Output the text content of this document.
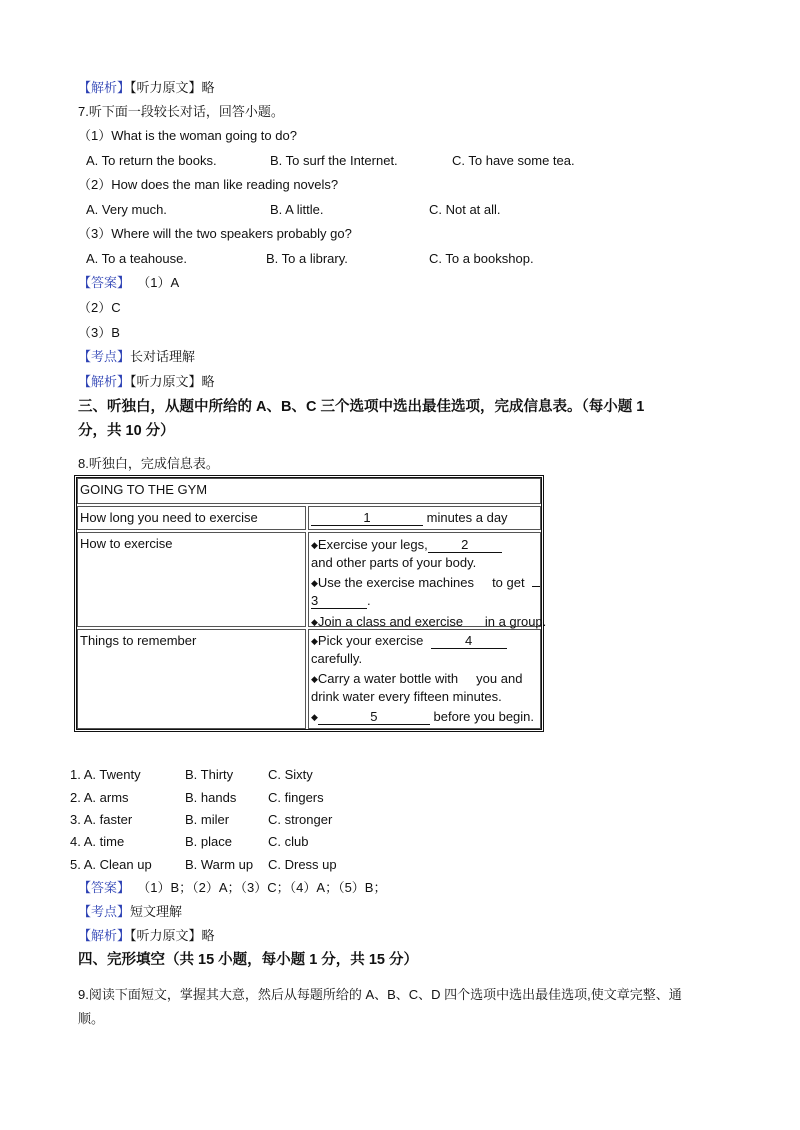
【解析】【听力原文】略
7.听下面一段较长对话，回答小题。
（1）What is the woman going to do?
A. To return the books.	B. To surf the Internet.	C. To have some tea.
（2）How does the man like reading novels?
A. Very much.	B. A little.	C. Not at all.
（3）Where will the two speakers probably go?
A. To a teahouse.	B. To a library.	C. To a bookshop.
【答案】 （1）A
（2）C
（3）B
【考点】长对话理解
【解析】【听力原文】略
三、听独白，从题中所给的 A、B、C 三个选项中选出最佳选项，完成信息表。（每小题 1
分，共 10 分）
8.听独白，完成信息表。
GOING TO THE GYM
How long you need to exercise	1	minutes a day
How to exercise	◆Exercise your legs,	2
and other parts of your body.
◆Use the exercise machines to get
3	.
◆Join a class and exercise in a group.
Things to remember	◆Pick your exercise	4
carefully.
◆Carry a water bottle with you and
drink water every fifteen minutes.
◆	5	before you begin.
1. A. Twenty	B. Thirty	C. Sixty
2. A. arms	B. hands C. fingers
3. A. faster	B. miler	C. stronger
4. A. time	B. place	C. club
5. A. Clean up	B. Warm up C. Dress up
【答案】 （1）B；（2）A；（3）C；（4）A；（5）B；
【考点】短文理解
【解析】【听力原文】略
四、完形填空（共 15 小题，每小题 1 分，共 15 分）
9.阅读下面短文，掌握其大意，然后从每题所给的 A、B、C、D 四个选项中选出最佳选项,使文章完整、通
顺。
